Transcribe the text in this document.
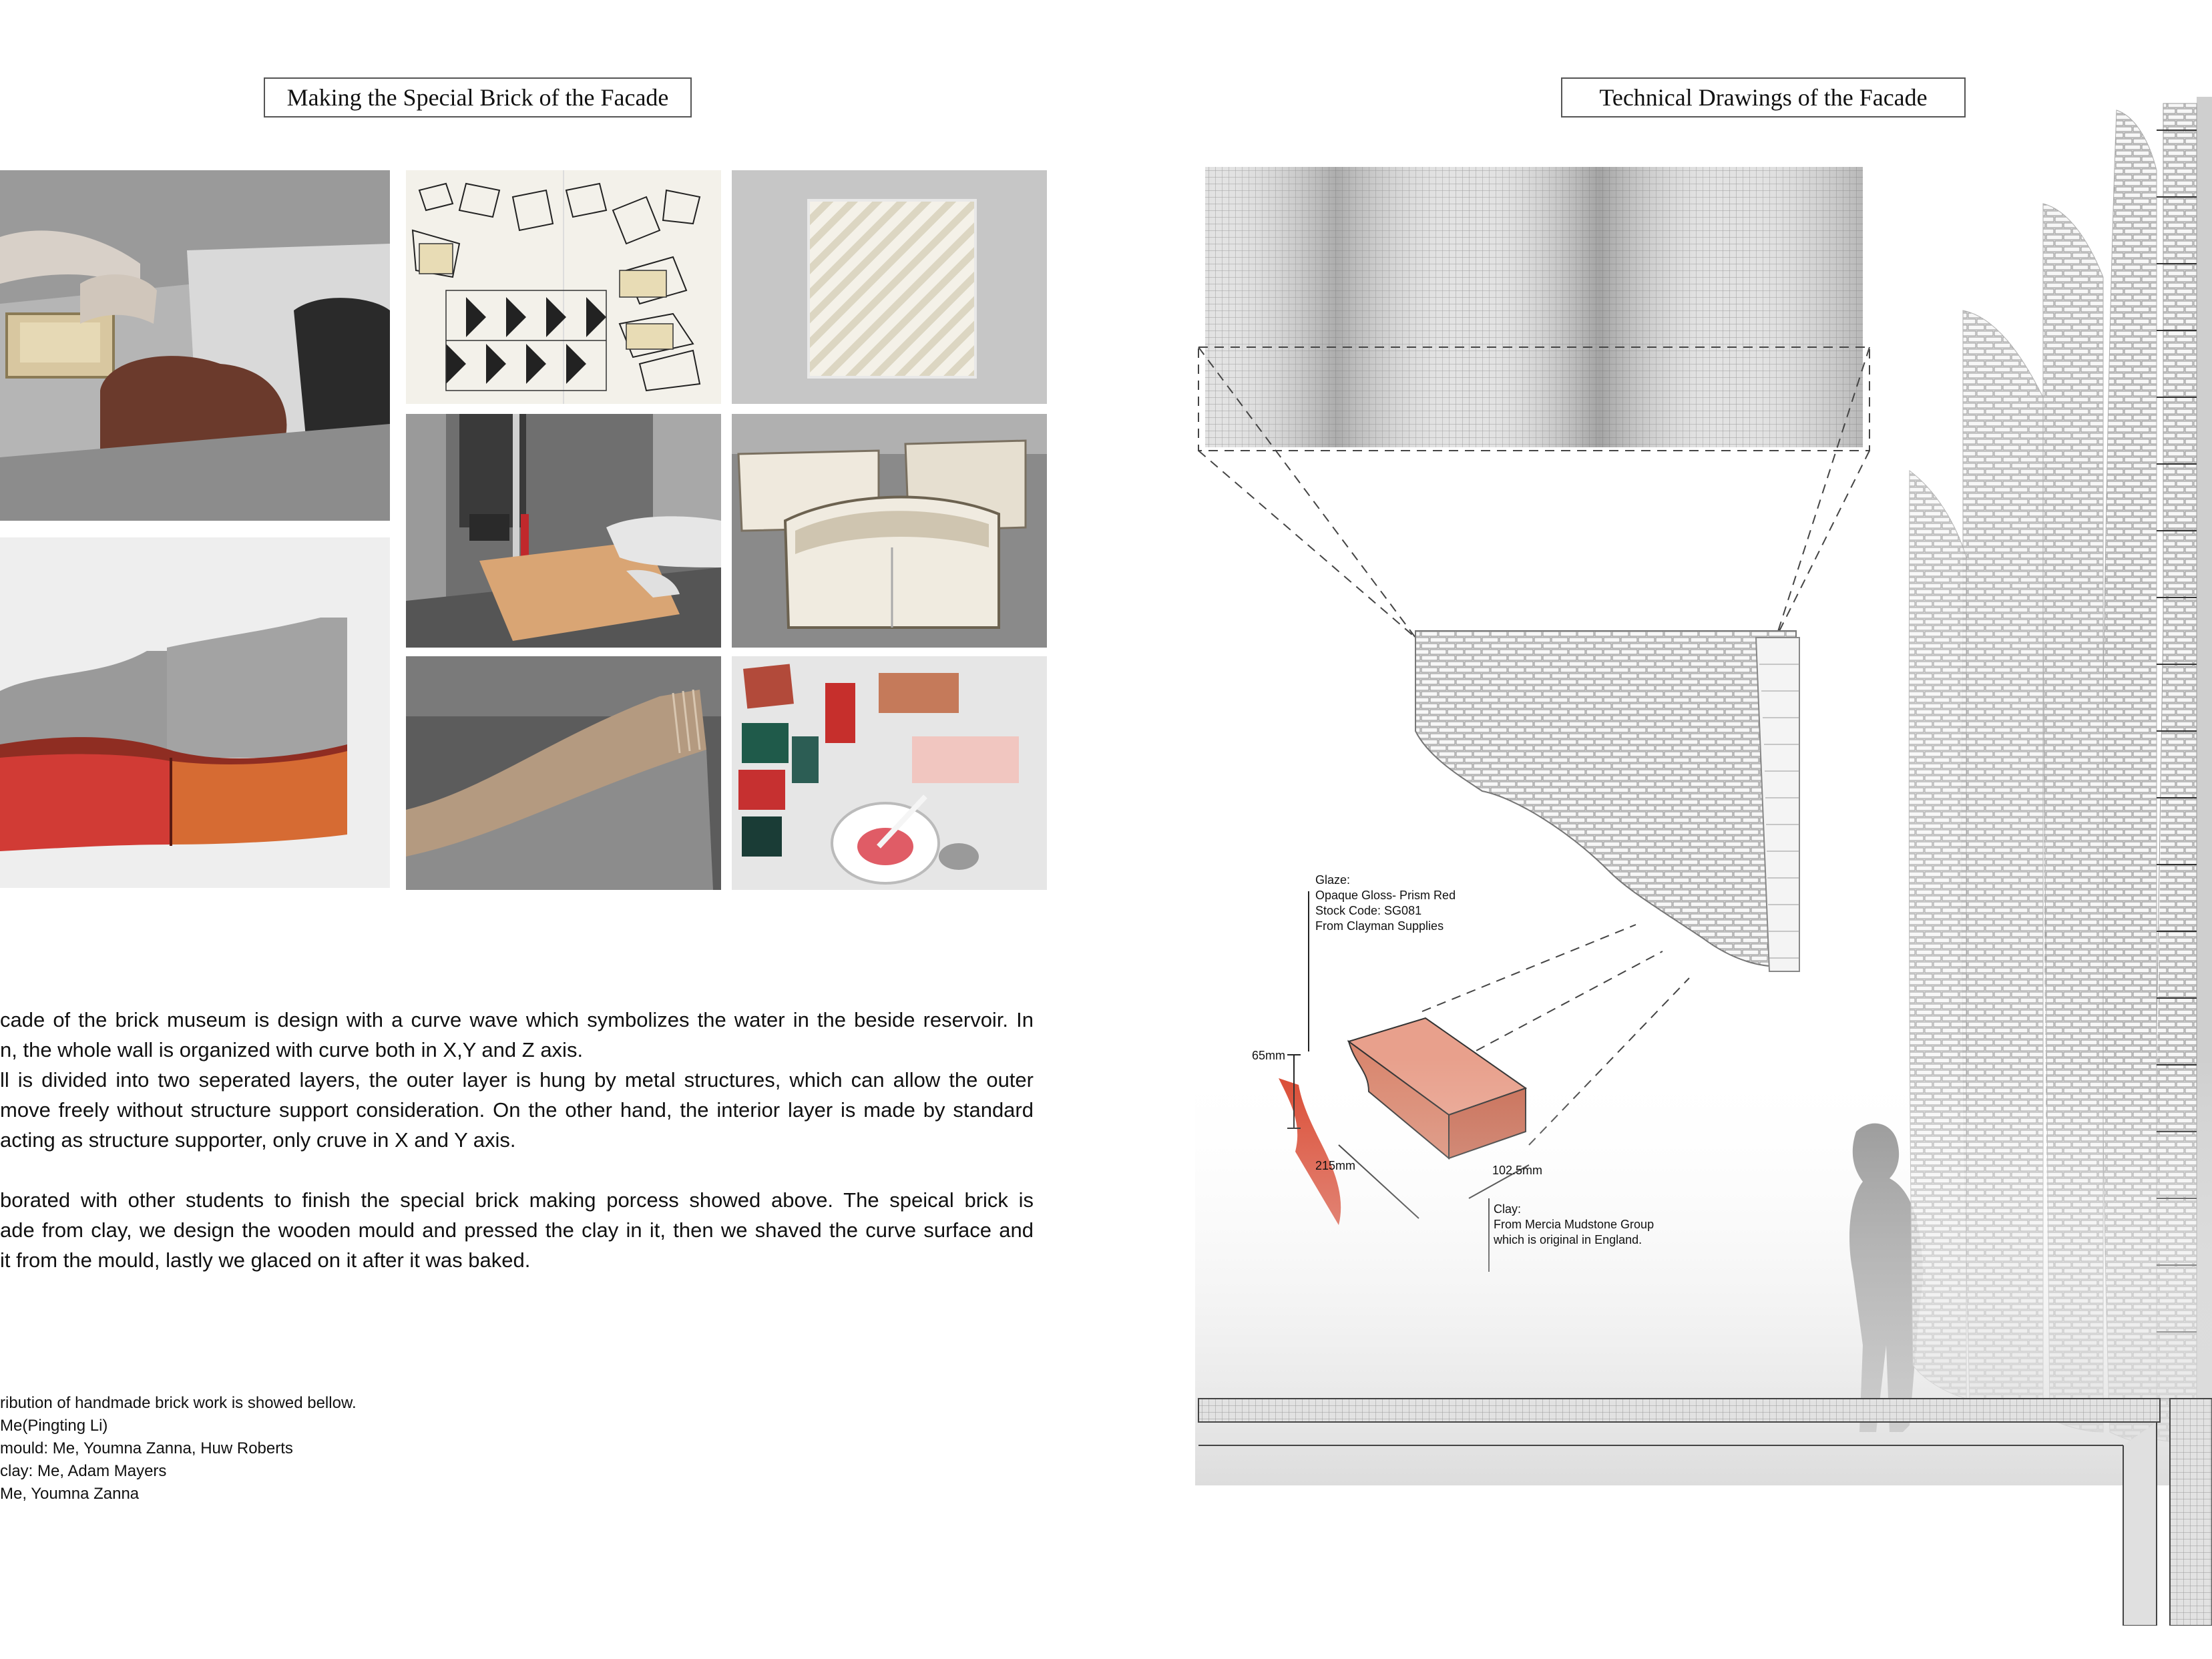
Making the Special Brick of the Facade	Technical Drawings of the Facade

cade of the brick museum is design with a curve wave which symbolizes the water in the beside reservoir. In

n, the whole wall is organized with curve both in X,Y and Z axis.

ll is divided into two seperated layers, the outer layer is hung by metal structures, which can allow the outer

move freely without structure support consideration. On the other hand, the interior layer is made by standard

acting as structure supporter, only cruve in X and Y axis.

borated with other students to finish the special brick making porcess showed above. The speical brick is

ade from clay, we design the wooden mould and pressed the clay in it, then we shaved the curve surface and

it from the mould, lastly we glaced on it after it was baked.

ribution of handmade brick work is showed bellow.
Me(Pingting Li)
mould: Me, Youmna Zanna, Huw Roberts
clay: Me, Adam Mayers
Me, Youmna Zanna
Glaze:
Opaque Gloss- Prism Red
Stock Code: SG081
From Clayman Supplies
65mm
215mm	102.5mm
Clay:
From Mercia Mudstone Group
which is original in England.
